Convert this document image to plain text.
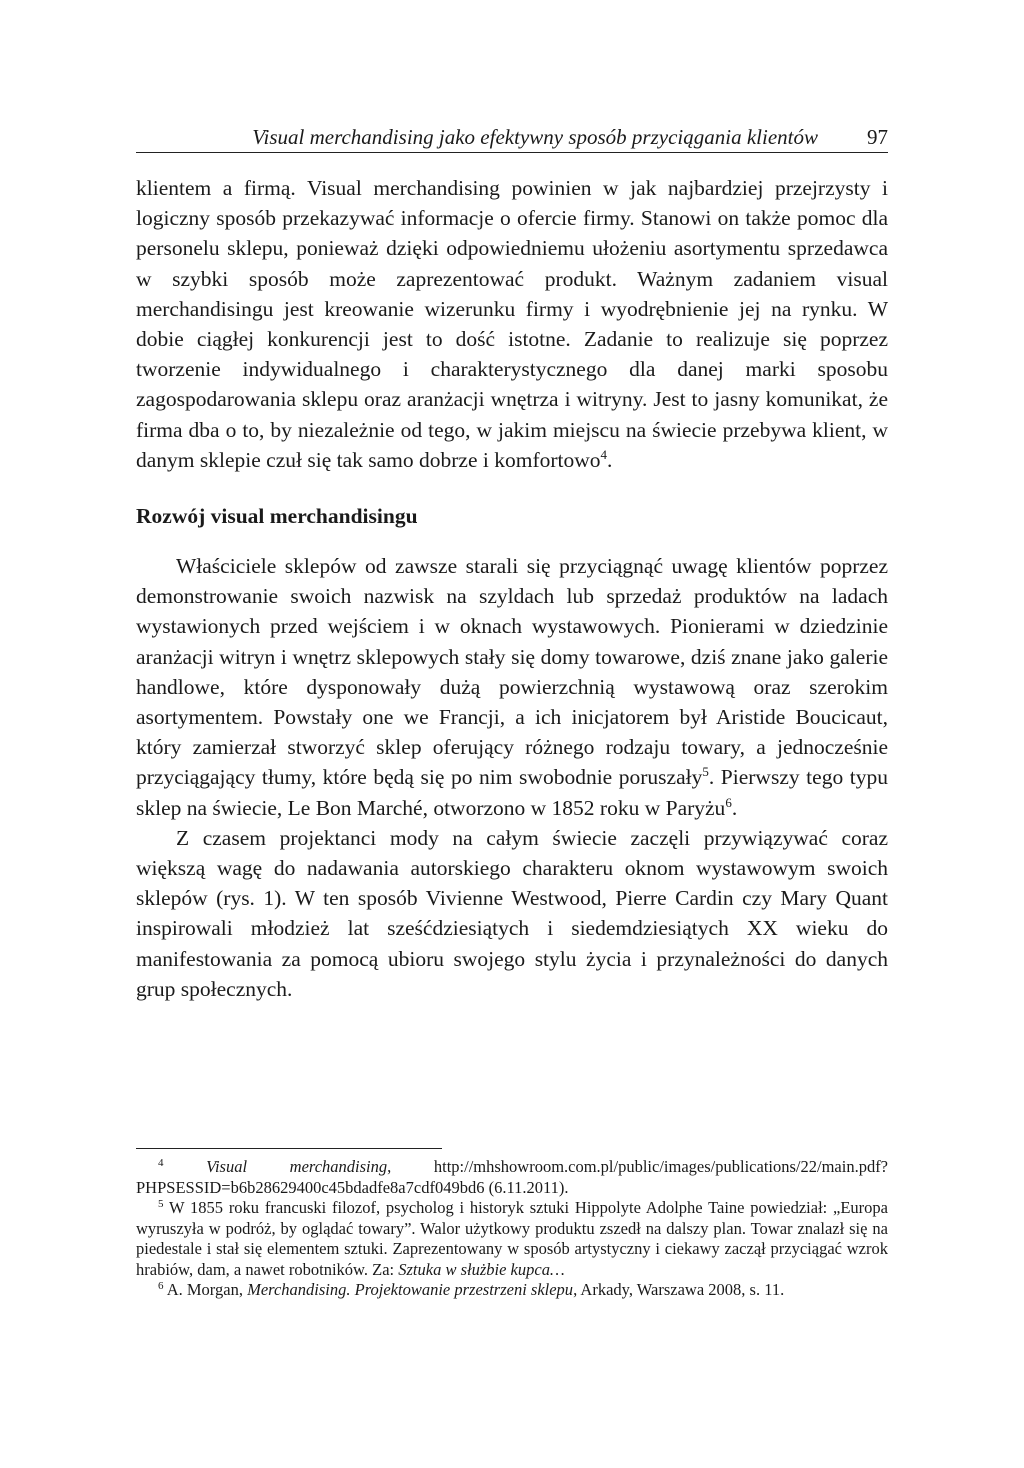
Visual merchandising jako efektywny sposób przyciągania klientów 97

klientem a firmą. Visual merchandising powinien w jak najbardziej przejrzysty i logiczny sposób przekazywać informacje o ofercie firmy. Stanowi on także pomoc dla personelu sklepu, ponieważ dzięki odpowiedniemu ułożeniu asortymentu sprzedawca w szybki sposób może zaprezentować produkt. Ważnym zadaniem visual merchandisingu jest kreowanie wizerunku firmy i wyodrębnienie jej na rynku. W dobie ciągłej konkurencji jest to dość istotne. Zadanie to realizuje się poprzez tworzenie indywidualnego i charakterystycznego dla danej marki sposobu zagospodarowania sklepu oraz aranżacji wnętrza i witryny. Jest to jasny komunikat, że firma dba o to, by niezależnie od tego, w jakim miejscu na świecie przebywa klient, w danym sklepie czuł się tak samo dobrze i komfortowo$^4$.

Rozwój visual merchandisingu

Właściciele sklepów od zawsze starali się przyciągnąć uwagę klientów poprzez demonstrowanie swoich nazwisk na szyldach lub sprzedaż produktów na ladach wystawionych przed wejściem i w oknach wystawowych. Pionierami w dziedzinie aranżacji witryn i wnętrz sklepowych stały się domy towarowe, dziś znane jako galerie handlowe, które dysponowały dużą powierzchnią wystawową oraz szerokim asortymentem. Powstały one we Francji, a ich inicjatorem był Aristide Boucicaut, który zamierzał stworzyć sklep oferujący różnego rodzaju towary, a jednocześnie przyciągający tłumy, które będą się po nim swobodnie poruszały$^5$. Pierwszy tego typu sklep na świecie, Le Bon Marché, otworzono w 1852 roku w Paryżu$^6$.

Z czasem projektanci mody na całym świecie zaczęli przywiązywać coraz większą wagę do nadawania autorskiego charakteru oknom wystawowym swoich sklepów (rys. 1). W ten sposób Vivienne Westwood, Pierre Cardin czy Mary Quant inspirowali młodzież lat sześćdziesiątych i siedemdziesiątych XX wieku do manifestowania za pomocą ubioru swojego stylu życia i przynależności do danych grup społecznych.

$^4$	Visual merchandising, http://mhshowroom.com.pl/public/images/publications/22/main.pdf?PHPSESSID=b6b28629400c45bdadfe8a7cdf049bd6 (6.11.2011).

$^5$ W 1855 roku francuski filozof, psycholog i historyk sztuki Hippolyte Adolphe Taine powiedział: „Europa wyruszyła w podróż, by oglądać towary”. Walor użytkowy produktu zszedł na dalszy plan. Towar znalazł się na piedestale i stał się elementem sztuki. Zaprezentowany w sposób artystyczny i ciekawy zaczął przyciągać wzrok hrabiów, dam, a nawet robotników. Za: Sztuka w służbie kupca…

$^6$ A. Morgan, Merchandising. Projektowanie przestrzeni sklepu, Arkady, Warszawa 2008, s. 11.
